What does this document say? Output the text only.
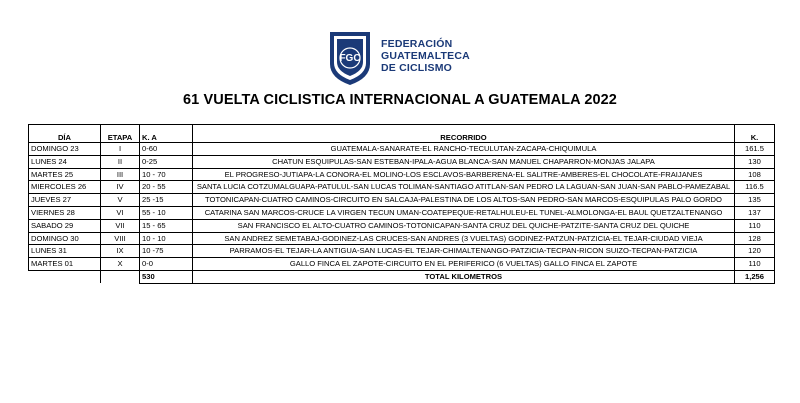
FGC
FEDERACIÓN
GUATEMALTECA
DE CICLISMO
61 VUELTA CICLISTICA INTERNACIONAL A GUATEMALA 2022
DÍA	ETAPA	K. A	RECORRIDO	K.
DOMINGO 23	I	0-60	GUATEMALA-SANARATE-EL RANCHO-TECULUTAN-ZACAPA-CHIQUIMULA	161.5
LUNES 24	II	0-25	CHATUN ESQUIPULAS-SAN ESTEBAN-IPALA-AGUA BLANCA-SAN MANUEL CHAPARRON-MONJAS JALAPA	130
MARTES 25	III	10 - 70	EL PROGRESO-JUTIAPA-LA CONORA-EL MOLINO-LOS ESCLAVOS-BARBERENA-EL SALITRE-AMBERES-EL CHOCOLATE-FRAIJANES	108
MIERCOLES 26	IV	20 - 55	SANTA LUCIA COTZUMALGUAPA-PATULUL-SAN LUCAS TOLIMAN-SANTIAGO ATITLAN-SAN PEDRO LA LAGUAN-SAN JUAN-SAN PABLO-PAMEZABAL	116.5
JUEVES 27	V	25 -15	TOTONICAPAN-CUATRO CAMINOS-CIRCUITO EN SALCAJA-PALESTINA DE LOS ALTOS-SAN PEDRO-SAN MARCOS-ESQUIPULAS PALO GORDO	135
VIERNES 28	VI	55 - 10	CATARINA SAN MARCOS-CRUCE LA VIRGEN TECUN UMAN-COATEPEQUE-RETALHULEU-EL TUNEL-ALMOLONGA-EL BAUL QUETZALTENANGO	137
SABADO 29	VII	15 - 65	SAN FRANCISCO EL ALTO-CUATRO CAMINOS-TOTONICAPAN-SANTA CRUZ DEL QUICHE-PATZITE-SANTA CRUZ DEL QUICHE	110
DOMINGO 30	VIII	10 - 10	SAN ANDREZ SEMETABAJ-GODINEZ-LAS CRUCES-SAN ANDRES (3 VUELTAS) GODINEZ-PATZUN-PATZICIA-EL TEJAR-CIUDAD VIEJA	128
LUNES 31	IX	10 -75	PARRAMOS-EL TEJAR-LA ANTIGUA-SAN LUCAS-EL TEJAR-CHIMALTENANGO-PATZICIA-TECPAN-RICON SUIZO-TECPAN-PATZICIA	120
MARTES 01	X	0-0	GALLO FINCA EL ZAPOTE-CIRCUITO EN EL PERIFERICO (6 VUELTAS) GALLO FINCA EL ZAPOTE	110
		530	TOTAL KILOMETROS	1,256
